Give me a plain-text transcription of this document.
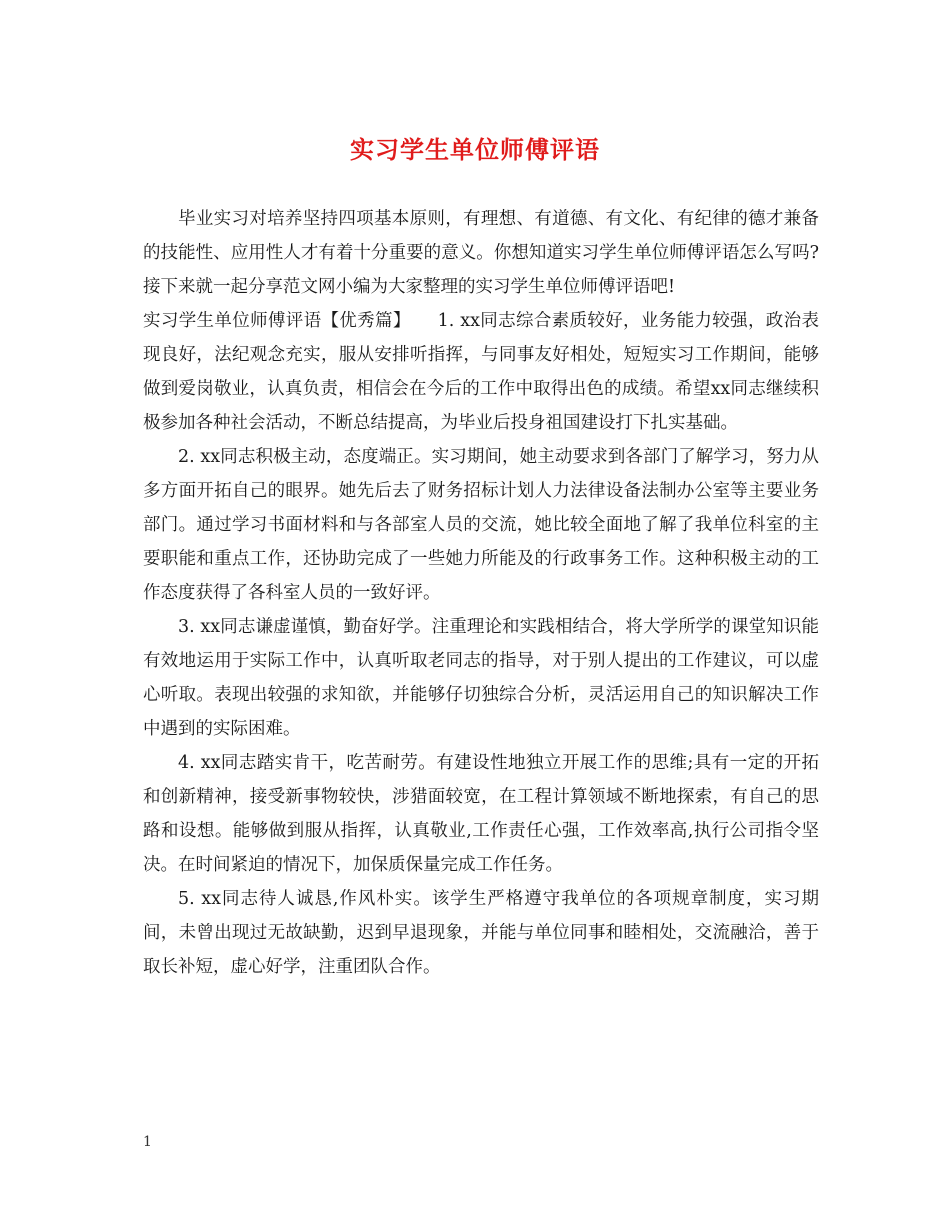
实习学生单位师傅评语

毕业实习对培养坚持四项基本原则，有理想、有道德、有文化、有纪律的德才兼备的技能性、应用性人才有着十分重要的意义。你想知道实习学生单位师傅评语怎么写吗?接下来就一起分享范文网小编为大家整理的实习学生单位师傅评语吧!

实习学生单位师傅评语【优秀篇】　　1. xx同志综合素质较好，业务能力较强，政治表现良好，法纪观念充实，服从安排听指挥，与同事友好相处，短短实习工作期间，能够做到爱岗敬业，认真负责，相信会在今后的工作中取得出色的成绩。希望xx同志继续积极参加各种社会活动，不断总结提高，为毕业后投身祖国建设打下扎实基础。

2. xx同志积极主动，态度端正。实习期间，她主动要求到各部门了解学习，努力从多方面开拓自己的眼界。她先后去了财务招标计划人力法律设备法制办公室等主要业务部门。通过学习书面材料和与各部室人员的交流，她比较全面地了解了我单位科室的主要职能和重点工作，还协助完成了一些她力所能及的行政事务工作。这种积极主动的工作态度获得了各科室人员的一致好评。

3. xx同志谦虚谨慎，勤奋好学。注重理论和实践相结合，将大学所学的课堂知识能有效地运用于实际工作中，认真听取老同志的指导，对于别人提出的工作建议，可以虚心听取。表现出较强的求知欲，并能够仔切独综合分析，灵活运用自己的知识解决工作中遇到的实际困难。

4. xx同志踏实肯干，吃苦耐劳。有建设性地独立开展工作的思维;具有一定的开拓和创新精神，接受新事物较快，涉猎面较宽，在工程计算领域不断地探索，有自己的思路和设想。能够做到服从指挥，认真敬业,工作责任心强，工作效率高,执行公司指令坚决。在时间紧迫的情况下，加保质保量完成工作任务。

5. xx同志待人诚恳,作风朴实。该学生严格遵守我单位的各项规章制度，实习期间，未曾出现过无故缺勤，迟到早退现象，并能与单位同事和睦相处，交流融洽，善于取长补短，虚心好学，注重团队合作。

1
